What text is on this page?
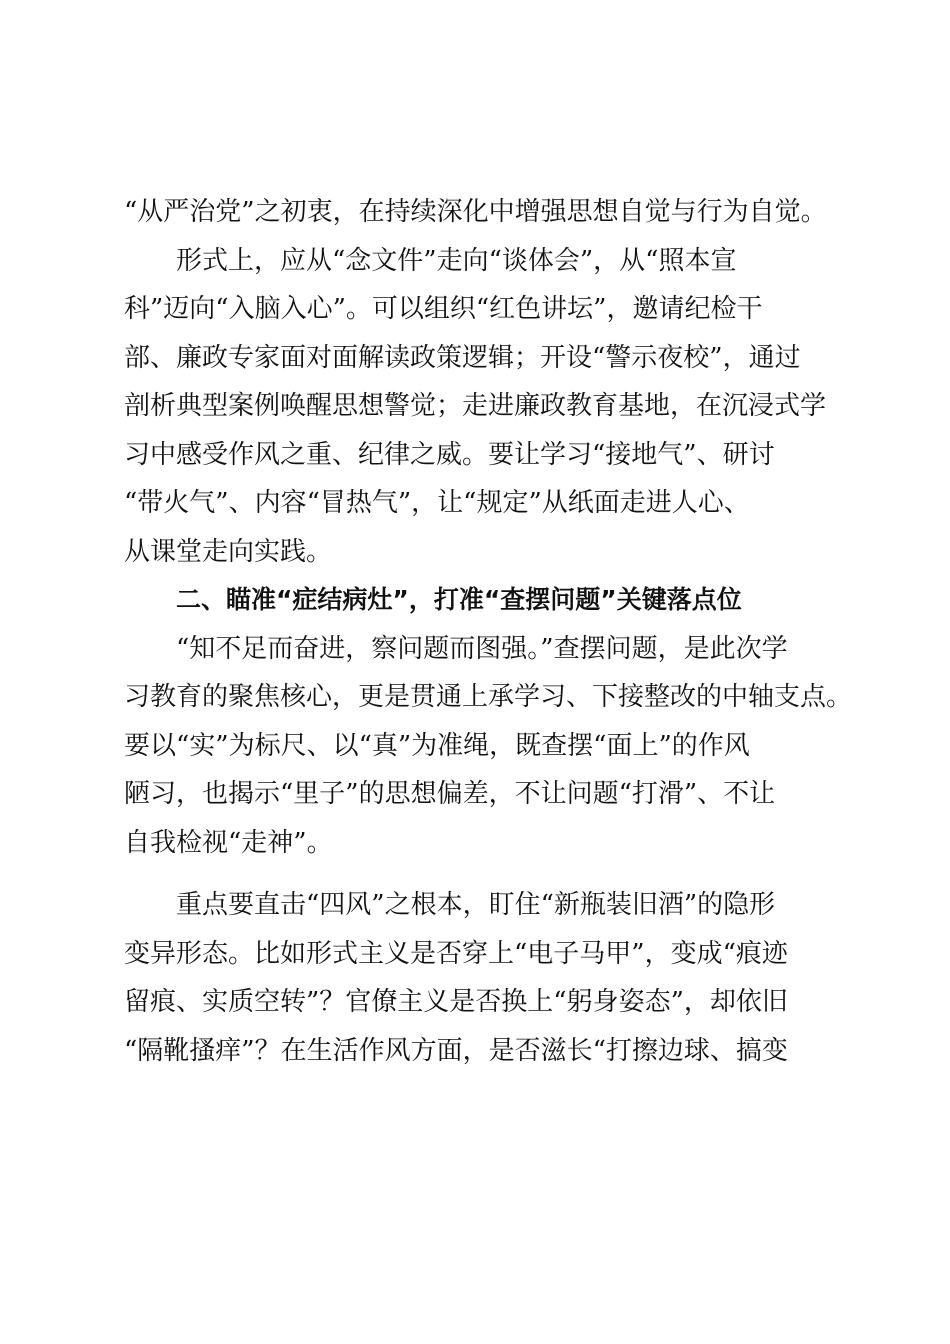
“从严治党”之初衷，在持续深化中增强思想自觉与行为自觉。
形式上，应从“念文件”走向“谈体会”，从“照本宣
科”迈向“入脑入心”。可以组织“红色讲坛”，邀请纪检干
部、廉政专家面对面解读政策逻辑；开设“警示夜校”，通过
剖析典型案例唤醒思想警觉；走进廉政教育基地，在沉浸式学
习中感受作风之重、纪律之威。要让学习“接地气”、研讨
“带火气”、内容“冒热气”，让“规定”从纸面走进人心、
从课堂走向实践。
二、瞄准“症结病灶”，打准“查摆问题”关键落点位
“知不足而奋进，察问题而图强。”查摆问题，是此次学
习教育的聚焦核心，更是贯通上承学习、下接整改的中轴支点。
要以“实”为标尺、以“真”为准绳，既查摆“面上”的作风
陋习，也揭示“里子”的思想偏差，不让问题“打滑”、不让
自我检视“走神”。
重点要直击“四风”之根本，盯住“新瓶装旧酒”的隐形
变异形态。比如形式主义是否穿上“电子马甲”，变成“痕迹
留痕、实质空转”？官僚主义是否换上“躬身姿态”，却依旧
“隔靴搔痒”？在生活作风方面，是否滋长“打擦边球、搞变
